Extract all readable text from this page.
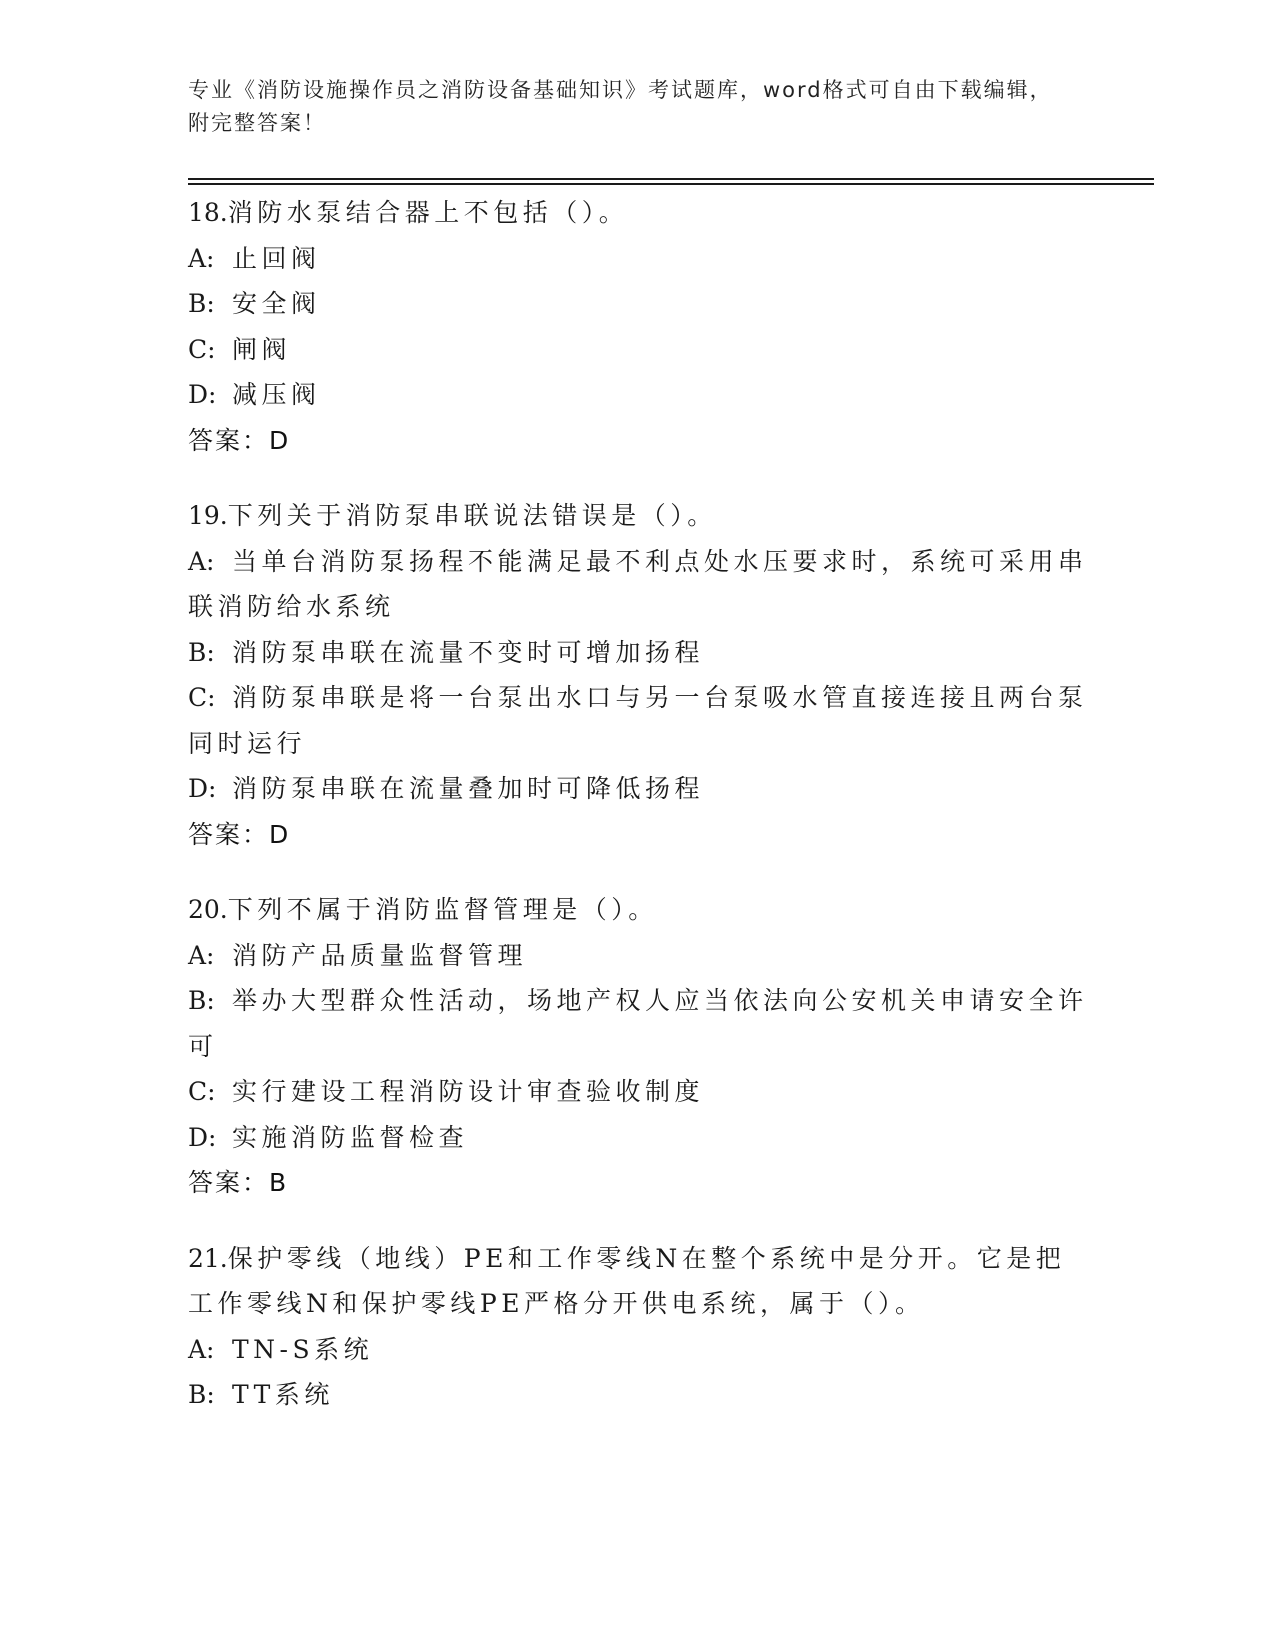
专业《消防设施操作员之消防设备基础知识》考试题库，word格式可自由下载编辑，附完整答案！
18.消防水泵结合器上不包括（）。
A: 止回阀
B: 安全阀
C: 闸阀
D: 减压阀
答案：D
19.下列关于消防泵串联说法错误是（）。
A: 当单台消防泵扬程不能满足最不利点处水压要求时，系统可采用串联消防给水系统
B: 消防泵串联在流量不变时可增加扬程
C: 消防泵串联是将一台泵出水口与另一台泵吸水管直接连接且两台泵同时运行
D: 消防泵串联在流量叠加时可降低扬程
答案：D
20.下列不属于消防监督管理是（）。
A: 消防产品质量监督管理
B: 举办大型群众性活动，场地产权人应当依法向公安机关申请安全许可
C: 实行建设工程消防设计审查验收制度
D: 实施消防监督检查
答案：B
21.保护零线（地线）PE和工作零线N在整个系统中是分开。它是把工作零线N和保护零线PE严格分开供电系统，属于（）。
A: TN-S系统
B: TT系统
